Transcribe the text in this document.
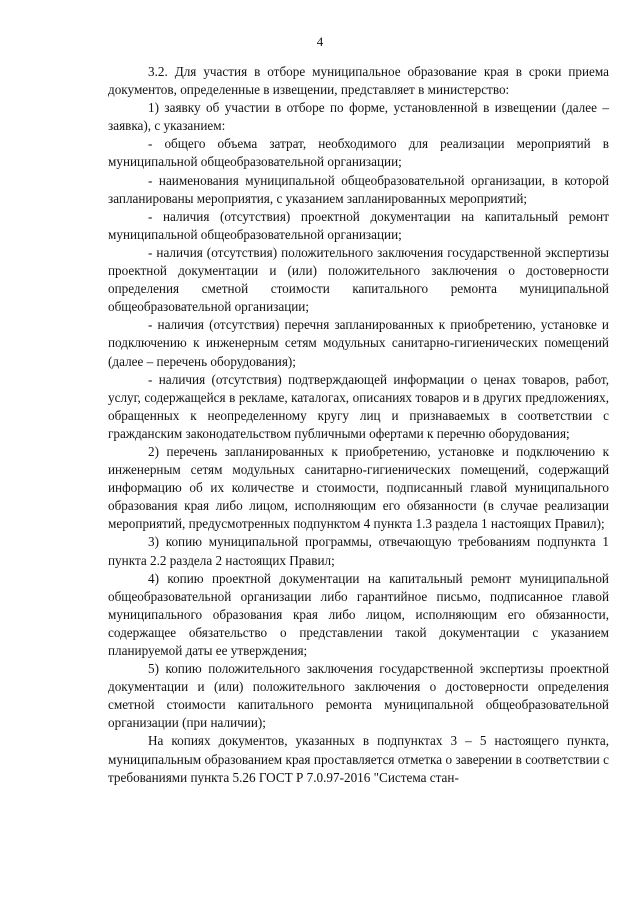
4

3.2. Для участия в отборе муниципальное образование края в сроки приема документов, определенные в извещении, представляет в министерство:

1) заявку об участии в отборе по форме, установленной в извещении (далее – заявка), с указанием:

- общего объема затрат, необходимого для реализации мероприятий в муниципальной общеобразовательной организации;

- наименования муниципальной общеобразовательной организации, в которой запланированы мероприятия, с указанием запланированных мероприятий;

- наличия (отсутствия) проектной документации на капитальный ремонт муниципальной общеобразовательной организации;

- наличия (отсутствия) положительного заключения государственной экспертизы проектной документации и (или) положительного заключения о достоверности определения сметной стоимости капитального ремонта муниципальной общеобразовательной организации;

- наличия (отсутствия) перечня запланированных к приобретению, установке и подключению к инженерным сетям модульных санитарно-гигиенических помещений (далее – перечень оборудования);

- наличия (отсутствия) подтверждающей информации о ценах товаров, работ, услуг, содержащейся в рекламе, каталогах, описаниях товаров и в других предложениях, обращенных к неопределенному кругу лиц и признаваемых в соответствии с гражданским законодательством публичными офертами к перечню оборудования;

2) перечень запланированных к приобретению, установке и подключению к инженерным сетям модульных санитарно-гигиенических помещений, содержащий информацию об их количестве и стоимости, подписанный главой муниципального образования края либо лицом, исполняющим его обязанности (в случае реализации мероприятий, предусмотренных подпунктом 4 пункта 1.3 раздела 1 настоящих Правил);

3) копию муниципальной программы, отвечающую требованиям подпункта 1 пункта 2.2 раздела 2 настоящих Правил;

4) копию проектной документации на капитальный ремонт муниципальной общеобразовательной организации либо гарантийное письмо, подписанное главой муниципального образования края либо лицом, исполняющим его обязанности, содержащее обязательство о представлении такой документации с указанием планируемой даты ее утверждения;

5) копию положительного заключения государственной экспертизы проектной документации и (или) положительного заключения о достоверности определения сметной стоимости капитального ремонта муниципальной общеобразовательной организации (при наличии);

На копиях документов, указанных в подпунктах 3 – 5 настоящего пункта, муниципальным образованием края проставляется отметка о заверении в соответствии с требованиями пункта 5.26 ГОСТ Р 7.0.97-2016 "Система стан-
